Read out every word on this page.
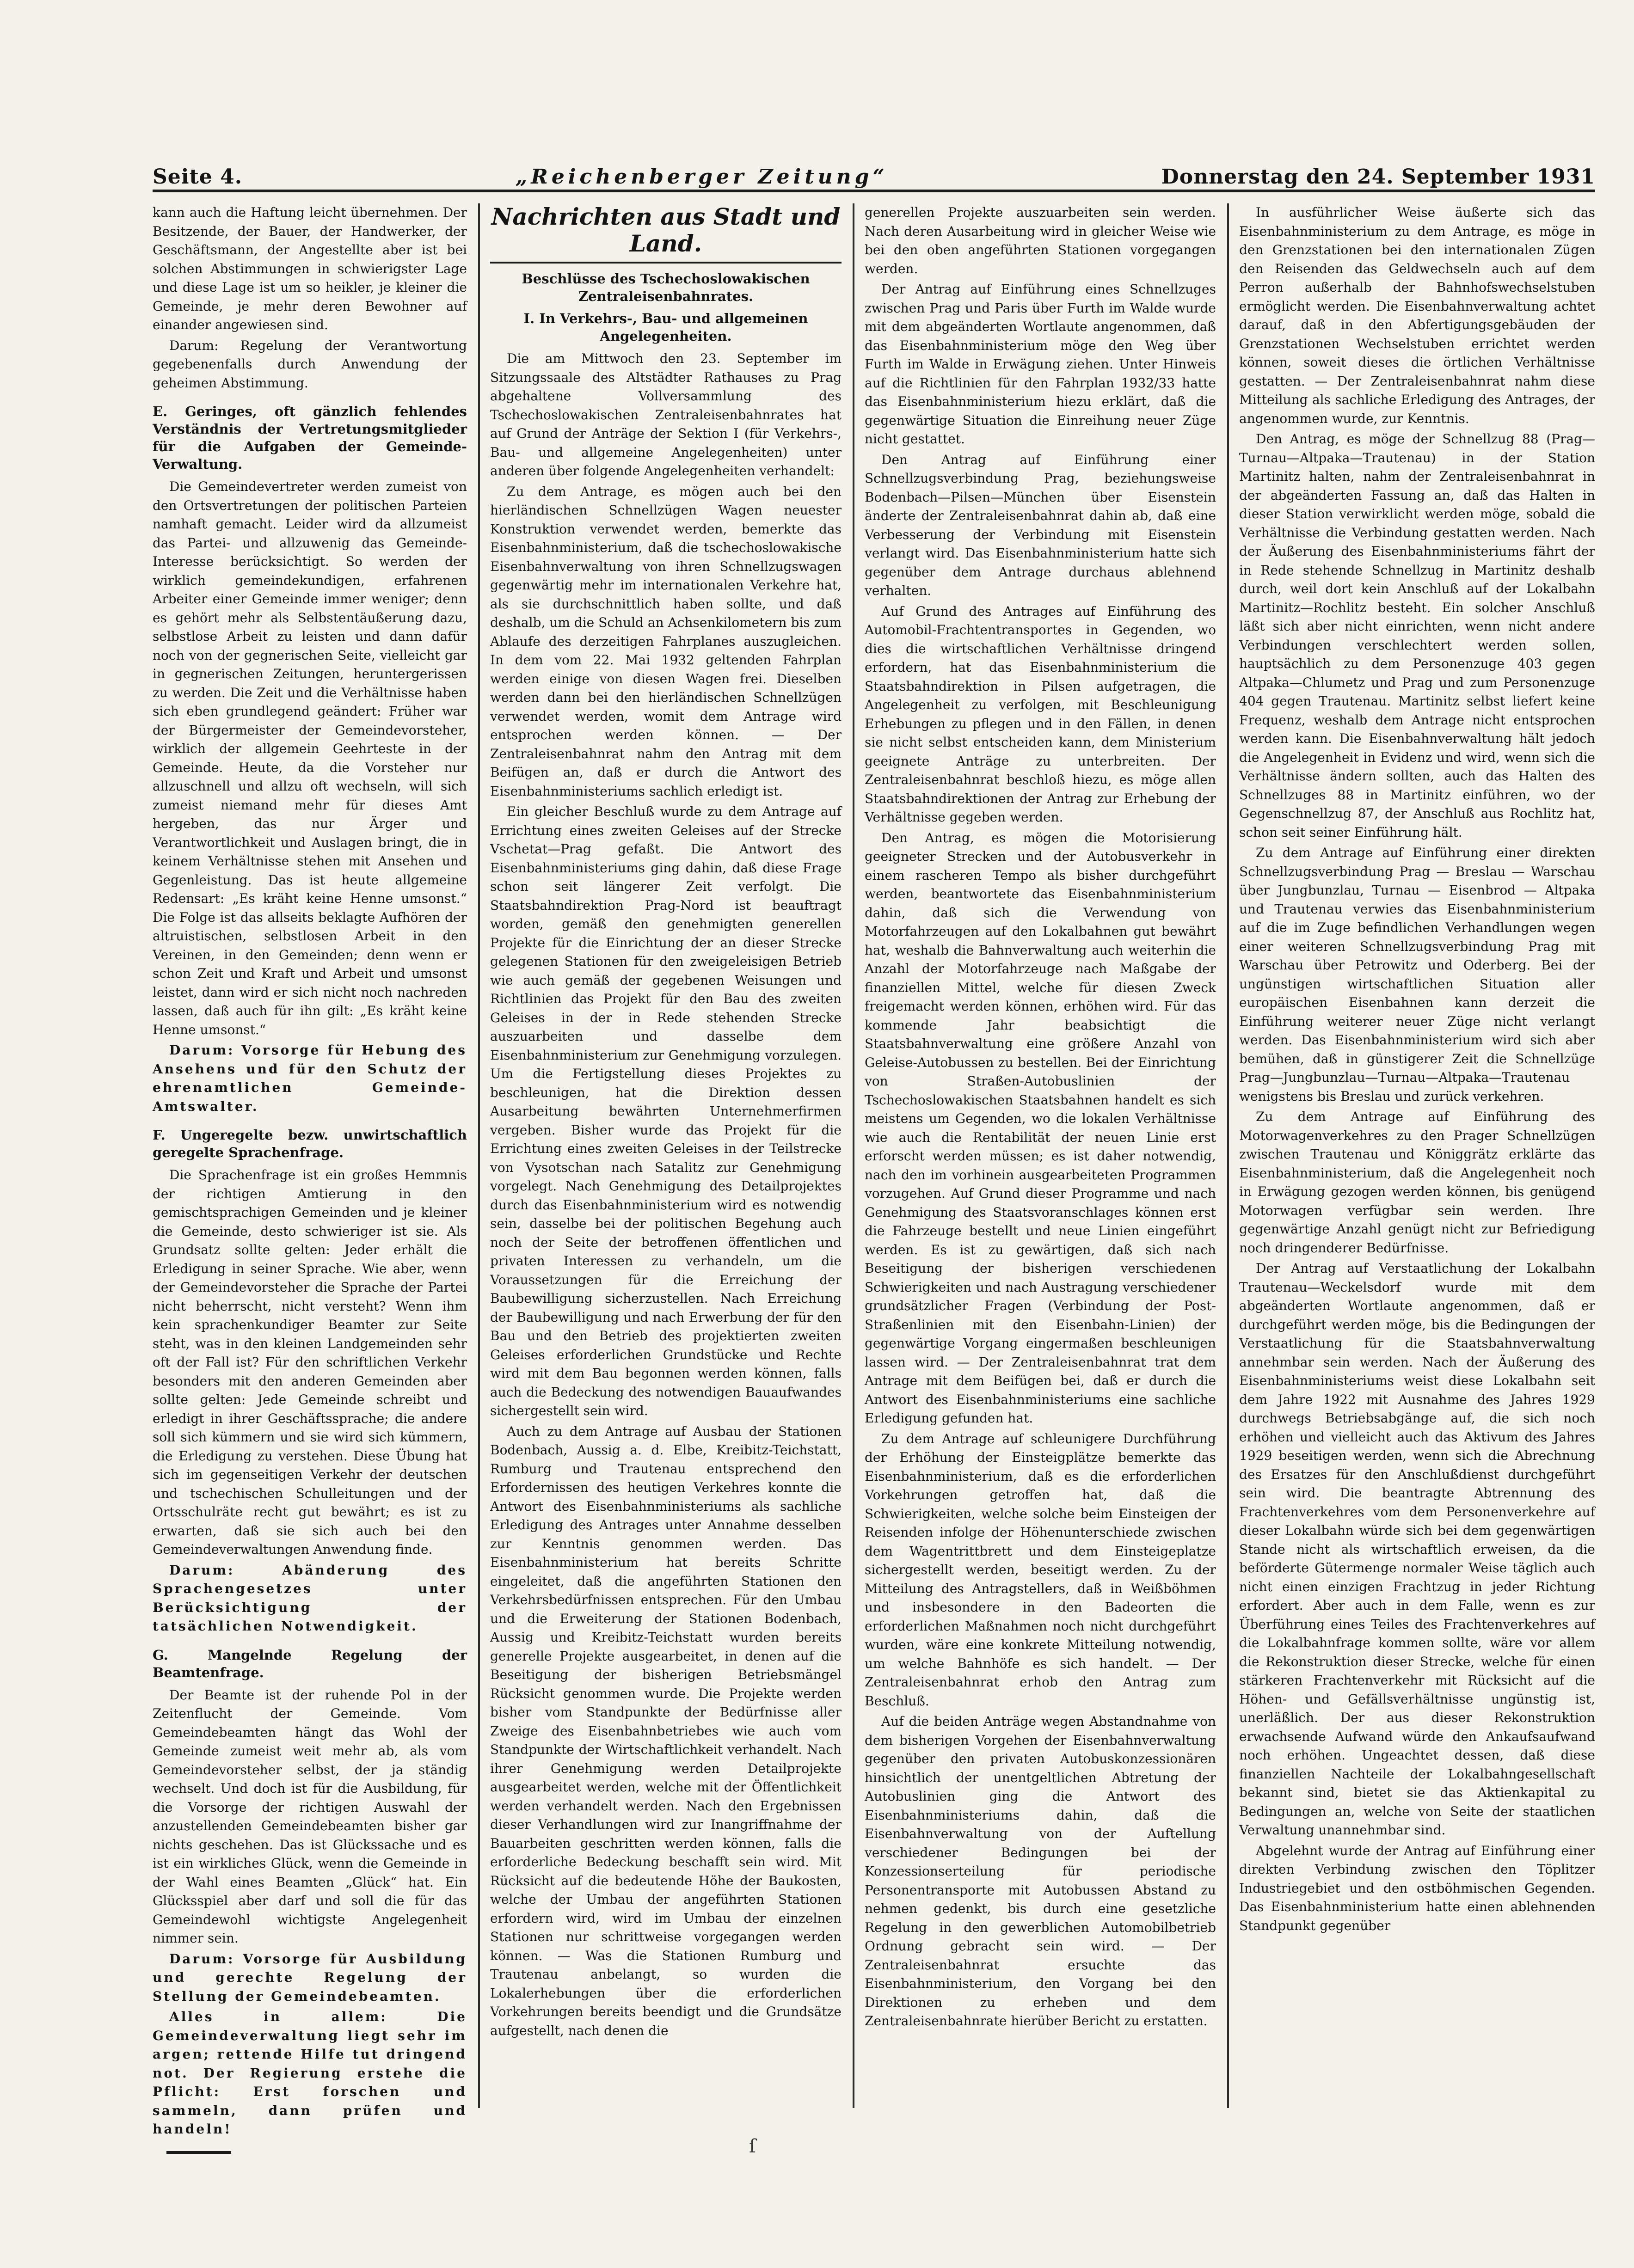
Seite 4.	„Reichenberger Zeitung“	Donnerstag den 24. September 1931

kann auch die Haftung leicht übernehmen. Der Besitzende, der Bauer, der Handwerker, der Geschäftsmann, der Angestellte aber ist bei solchen Abstimmungen in schwierigster Lage und diese Lage ist um so heikler, je kleiner die Gemeinde, je mehr deren Bewohner auf einander angewiesen sind.

Darum: Regelung der Verantwortung gegebenenfalls durch Anwendung der geheimen Abstimmung.

E. Geringes, oft gänzlich fehlendes Verständnis der Vertretungsmitglieder für die Aufgaben der Gemeinde-Verwaltung.

Die Gemeindevertreter werden zumeist von den Ortsvertretungen der politischen Parteien namhaft gemacht. Leider wird da allzumeist das Partei- und allzuwenig das Gemeinde-Interesse berücksichtigt. So werden der wirklich gemeindekundigen, erfahrenen Arbeiter einer Gemeinde immer weniger; denn es gehört mehr als Selbstentäußerung dazu, selbstlose Arbeit zu leisten und dann dafür noch von der gegnerischen Seite, vielleicht gar in gegnerischen Zeitungen, heruntergerissen zu werden. Die Zeit und die Verhältnisse haben sich eben grundlegend geändert: Früher war der Bürgermeister der Gemeindevorsteher, wirklich der allgemein Geehrteste in der Gemeinde. Heute, da die Vorsteher nur allzuschnell und allzu oft wechseln, will sich zumeist niemand mehr für dieses Amt hergeben, das nur Ärger und Verantwortlichkeit und Auslagen bringt, die in keinem Verhältnisse stehen mit Ansehen und Gegenleistung. Das ist heute allgemeine Redensart: „Es kräht keine Henne umsonst.“ Die Folge ist das allseits beklagte Aufhören der altruistischen, selbstlosen Arbeit in den Vereinen, in den Gemeinden; denn wenn er schon Zeit und Kraft und Arbeit und umsonst leistet, dann wird er sich nicht noch nachreden lassen, daß auch für ihn gilt: „Es kräht keine Henne umsonst.“

Darum: Vorsorge für Hebung des Ansehens und für den Schutz der ehrenamtlichen Gemeinde-Amtswalter.

F. Ungeregelte bezw. unwirtschaftlich geregelte Sprachenfrage.

Die Sprachenfrage ist ein großes Hemmnis der richtigen Amtierung in den gemischtsprachigen Gemeinden und je kleiner die Gemeinde, desto schwieriger ist sie. Als Grundsatz sollte gelten: Jeder erhält die Erledigung in seiner Sprache. Wie aber, wenn der Gemeindevorsteher die Sprache der Partei nicht beherrscht, nicht versteht? Wenn ihm kein sprachenkundiger Beamter zur Seite steht, was in den kleinen Landgemeinden sehr oft der Fall ist? Für den schriftlichen Verkehr besonders mit den anderen Gemeinden aber sollte gelten: Jede Gemeinde schreibt und erledigt in ihrer Geschäftssprache; die andere soll sich kümmern und sie wird sich kümmern, die Erledigung zu verstehen. Diese Übung hat sich im gegenseitigen Verkehr der deutschen und tschechischen Schulleitungen und der Ortsschulräte recht gut bewährt; es ist zu erwarten, daß sie sich auch bei den Gemeindeverwaltungen Anwendung finde.

Darum: Abänderung des Sprachengesetzes unter Berücksichtigung der tatsächlichen Notwendigkeit.

G. Mangelnde Regelung der Beamtenfrage.

Der Beamte ist der ruhende Pol in der Zeitenflucht der Gemeinde. Vom Gemeindebeamten hängt das Wohl der Gemeinde zumeist weit mehr ab, als vom Gemeindevorsteher selbst, der ja ständig wechselt. Und doch ist für die Ausbildung, für die Vorsorge der richtigen Auswahl der anzustellenden Gemeindebeamten bisher gar nichts geschehen. Das ist Glückssache und es ist ein wirkliches Glück, wenn die Gemeinde in der Wahl eines Beamten „Glück“ hat. Ein Glücksspiel aber darf und soll die für das Gemeindewohl wichtigste Angelegenheit nimmer sein.

Darum: Vorsorge für Ausbildung und gerechte Regelung der Stellung der Gemeindebeamten.

Alles in allem: Die Gemeindeverwaltung liegt sehr im argen; rettende Hilfe tut dringend not. Der Regierung erstehe die Pflicht: Erst forschen und sammeln, dann prüfen und handeln!

Nachrichten aus Stadt und Land.
Beschlüsse des Tschechoslowakischen Zentraleisenbahnrates.
I. In Verkehrs-, Bau- und allgemeinen Angelegenheiten.

Die am Mittwoch den 23. September im Sitzungssaale des Altstädter Rathauses zu Prag abgehaltene Vollversammlung des Tschechoslowakischen Zentraleisenbahnrates hat auf Grund der Anträge der Sektion I (für Verkehrs-, Bau- und allgemeine Angelegenheiten) unter anderen über folgende Angelegenheiten verhandelt:

Zu dem Antrage, es mögen auch bei den hierländischen Schnellzügen Wagen neuester Konstruktion verwendet werden, bemerkte das Eisenbahnministerium, daß die tschechoslowakische Eisenbahnverwaltung von ihren Schnellzugswagen gegenwärtig mehr im internationalen Verkehre hat, als sie durchschnittlich haben sollte, und daß deshalb, um die Schuld an Achsenkilometern bis zum Ablaufe des derzeitigen Fahrplanes auszugleichen. In dem vom 22. Mai 1932 geltenden Fahrplan werden einige von diesen Wagen frei. Dieselben werden dann bei den hierländischen Schnellzügen verwendet werden, womit dem Antrage wird entsprochen werden können. — Der Zentraleisenbahnrat nahm den Antrag mit dem Beifügen an, daß er durch die Antwort des Eisenbahnministeriums sachlich erledigt ist.

Ein gleicher Beschluß wurde zu dem Antrage auf Errichtung eines zweiten Geleises auf der Strecke Vschetat—Prag gefaßt. Die Antwort des Eisenbahnministeriums ging dahin, daß diese Frage schon seit längerer Zeit verfolgt. Die Staatsbahndirektion Prag-Nord ist beauftragt worden, gemäß den genehmigten generellen Projekte für die Einrichtung der an dieser Strecke gelegenen Stationen für den zweigeleisigen Betrieb wie auch gemäß der gegebenen Weisungen und Richtlinien das Projekt für den Bau des zweiten Geleises in der in Rede stehenden Strecke auszuarbeiten und dasselbe dem Eisenbahnministerium zur Genehmigung vorzulegen. Um die Fertigstellung dieses Projektes zu beschleunigen, hat die Direktion dessen Ausarbeitung bewährten Unternehmerfirmen vergeben. Bisher wurde das Projekt für die Errichtung eines zweiten Geleises in der Teilstrecke von Vysotschan nach Satalitz zur Genehmigung vorgelegt. Nach Genehmigung des Detailprojektes durch das Eisenbahnministerium wird es notwendig sein, dasselbe bei der politischen Begehung auch noch der Seite der betroffenen öffentlichen und privaten Interessen zu verhandeln, um die Voraussetzungen für die Erreichung der Baubewilligung sicherzustellen. Nach Erreichung der Baubewilligung und nach Erwerbung der für den Bau und den Betrieb des projektierten zweiten Geleises erforderlichen Grundstücke und Rechte wird mit dem Bau begonnen werden können, falls auch die Bedeckung des notwendigen Bauaufwandes sichergestellt sein wird.

Auch zu dem Antrage auf Ausbau der Stationen Bodenbach, Aussig a. d. Elbe, Kreibitz-Teichstatt, Rumburg und Trautenau entsprechend den Erfordernissen des heutigen Verkehres konnte die Antwort des Eisenbahnministeriums als sachliche Erledigung des Antrages unter Annahme desselben zur Kenntnis genommen werden. Das Eisenbahnministerium hat bereits Schritte eingeleitet, daß die angeführten Stationen den Verkehrsbedürfnissen entsprechen. Für den Umbau und die Erweiterung der Stationen Bodenbach, Aussig und Kreibitz-Teichstatt wurden bereits generelle Projekte ausgearbeitet, in denen auf die Beseitigung der bisherigen Betriebsmängel Rücksicht genommen wurde. Die Projekte werden bisher vom Standpunkte der Bedürfnisse aller Zweige des Eisenbahnbetriebes wie auch vom Standpunkte der Wirtschaftlichkeit verhandelt. Nach ihrer Genehmigung werden Detailprojekte ausgearbeitet werden, welche mit der Öffentlichkeit werden verhandelt werden. Nach den Ergebnissen dieser Verhandlungen wird zur Inangriffnahme der Bauarbeiten geschritten werden können, falls die erforderliche Bedeckung beschafft sein wird. Mit Rücksicht auf die bedeutende Höhe der Baukosten, welche der Umbau der angeführten Stationen erfordern wird, wird im Umbau der einzelnen Stationen nur schrittweise vorgegangen werden können. — Was die Stationen Rumburg und Trautenau anbelangt, so wurden die Lokalerhebungen über die erforderlichen Vorkehrungen bereits beendigt und die Grundsätze aufgestellt, nach denen die

generellen Projekte auszuarbeiten sein werden. Nach deren Ausarbeitung wird in gleicher Weise wie bei den oben angeführten Stationen vorgegangen werden.

Der Antrag auf Einführung eines Schnellzuges zwischen Prag und Paris über Furth im Walde wurde mit dem abgeänderten Wortlaute angenommen, daß das Eisenbahnministerium möge den Weg über Furth im Walde in Erwägung ziehen. Unter Hinweis auf die Richtlinien für den Fahrplan 1932/33 hatte das Eisenbahnministerium hiezu erklärt, daß die gegenwärtige Situation die Einreihung neuer Züge nicht gestattet.

Den Antrag auf Einführung einer Schnellzugsverbindung Prag, beziehungsweise Bodenbach—Pilsen—München über Eisenstein änderte der Zentraleisenbahnrat dahin ab, daß eine Verbesserung der Verbindung mit Eisenstein verlangt wird. Das Eisenbahnministerium hatte sich gegenüber dem Antrage durchaus ablehnend verhalten.

Auf Grund des Antrages auf Einführung des Automobil-Frachtentransportes in Gegenden, wo dies die wirtschaftlichen Verhältnisse dringend erfordern, hat das Eisenbahnministerium die Staatsbahndirektion in Pilsen aufgetragen, die Angelegenheit zu verfolgen, mit Beschleunigung Erhebungen zu pflegen und in den Fällen, in denen sie nicht selbst entscheiden kann, dem Ministerium geeignete Anträge zu unterbreiten. Der Zentraleisenbahnrat beschloß hiezu, es möge allen Staatsbahndirektionen der Antrag zur Erhebung der Verhältnisse gegeben werden.

Den Antrag, es mögen die Motorisierung geeigneter Strecken und der Autobusverkehr in einem rascheren Tempo als bisher durchgeführt werden, beantwortete das Eisenbahnministerium dahin, daß sich die Verwendung von Motorfahrzeugen auf den Lokalbahnen gut bewährt hat, weshalb die Bahnverwaltung auch weiterhin die Anzahl der Motorfahrzeuge nach Maßgabe der finanziellen Mittel, welche für diesen Zweck freigemacht werden können, erhöhen wird. Für das kommende Jahr beabsichtigt die Staatsbahnverwaltung eine größere Anzahl von Geleise-Autobussen zu bestellen. Bei der Einrichtung von Straßen-Autobuslinien der Tschechoslowakischen Staatsbahnen handelt es sich meistens um Gegenden, wo die lokalen Verhältnisse wie auch die Rentabilität der neuen Linie erst erforscht werden müssen; es ist daher notwendig, nach den im vorhinein ausgearbeiteten Programmen vorzugehen. Auf Grund dieser Programme und nach Genehmigung des Staatsvoranschlages können erst die Fahrzeuge bestellt und neue Linien eingeführt werden. Es ist zu gewärtigen, daß sich nach Beseitigung der bisherigen verschiedenen Schwierigkeiten und nach Austragung verschiedener grundsätzlicher Fragen (Verbindung der Post-Straßenlinien mit den Eisenbahn-Linien) der gegenwärtige Vorgang eingermaßen beschleunigen lassen wird. — Der Zentraleisenbahnrat trat dem Antrage mit dem Beifügen bei, daß er durch die Antwort des Eisenbahnministeriums eine sachliche Erledigung gefunden hat.

Zu dem Antrage auf schleunigere Durchführung der Erhöhung der Einsteigplätze bemerkte das Eisenbahnministerium, daß es die erforderlichen Vorkehrungen getroffen hat, daß die Schwierigkeiten, welche solche beim Einsteigen der Reisenden infolge der Höhenunterschiede zwischen dem Wagentrittbrett und dem Einsteigeplatze sichergestellt werden, beseitigt werden. Zu der Mitteilung des Antragstellers, daß in Weißböhmen und insbesondere in den Badeorten die erforderlichen Maßnahmen noch nicht durchgeführt wurden, wäre eine konkrete Mitteilung notwendig, um welche Bahnhöfe es sich handelt. — Der Zentraleisenbahnrat erhob den Antrag zum Beschluß.

Auf die beiden Anträge wegen Abstandnahme von dem bisherigen Vorgehen der Eisenbahnverwaltung gegenüber den privaten Autobuskonzessionären hinsichtlich der unentgeltlichen Abtretung der Autobuslinien ging die Antwort des Eisenbahnministeriums dahin, daß die Eisenbahnverwaltung von der Auftellung verschiedener Bedingungen bei der Konzessionserteilung für periodische Personentransporte mit Autobussen Abstand zu nehmen gedenkt, bis durch eine gesetzliche Regelung in den gewerblichen Automobilbetrieb Ordnung gebracht sein wird. — Der Zentraleisenbahnrat ersuchte das Eisenbahnministerium, den Vorgang bei den Direktionen zu erheben und dem Zentraleisenbahnrate hierüber Bericht zu erstatten.

In ausführlicher Weise äußerte sich das Eisenbahnministerium zu dem Antrage, es möge in den Grenzstationen bei den internationalen Zügen den Reisenden das Geldwechseln auch auf dem Perron außerhalb der Bahnhofswechselstuben ermöglicht werden. Die Eisenbahnverwaltung achtet darauf, daß in den Abfertigungsgebäuden der Grenzstationen Wechselstuben errichtet werden können, soweit dieses die örtlichen Verhältnisse gestatten. — Der Zentraleisenbahnrat nahm diese Mitteilung als sachliche Erledigung des Antrages, der angenommen wurde, zur Kenntnis.

Den Antrag, es möge der Schnellzug 88 (Prag—Turnau—Altpaka—Trautenau) in der Station Martinitz halten, nahm der Zentraleisenbahnrat in der abgeänderten Fassung an, daß das Halten in dieser Station verwirklicht werden möge, sobald die Verhältnisse die Verbindung gestatten werden. Nach der Äußerung des Eisenbahnministeriums fährt der in Rede stehende Schnellzug in Martinitz deshalb durch, weil dort kein Anschluß auf der Lokalbahn Martinitz—Rochlitz besteht. Ein solcher Anschluß läßt sich aber nicht einrichten, wenn nicht andere Verbindungen verschlechtert werden sollen, hauptsächlich zu dem Personenzuge 403 gegen Altpaka—Chlumetz und Prag und zum Personenzuge 404 gegen Trautenau. Martinitz selbst liefert keine Frequenz, weshalb dem Antrage nicht entsprochen werden kann. Die Eisenbahnverwaltung hält jedoch die Angelegenheit in Evidenz und wird, wenn sich die Verhältnisse ändern sollten, auch das Halten des Schnellzuges 88 in Martinitz einführen, wo der Gegenschnellzug 87, der Anschluß aus Rochlitz hat, schon seit seiner Einführung hält.

Zu dem Antrage auf Einführung einer direkten Schnellzugsverbindung Prag — Breslau — Warschau über Jungbunzlau, Turnau — Eisenbrod — Altpaka und Trautenau verwies das Eisenbahnministerium auf die im Zuge befindlichen Verhandlungen wegen einer weiteren Schnellzugsverbindung Prag mit Warschau über Petrowitz und Oderberg. Bei der ungünstigen wirtschaftlichen Situation aller europäischen Eisenbahnen kann derzeit die Einführung weiterer neuer Züge nicht verlangt werden. Das Eisenbahnministerium wird sich aber bemühen, daß in günstigerer Zeit die Schnellzüge Prag—Jungbunzlau—Turnau—Altpaka—Trautenau wenigstens bis Breslau und zurück verkehren.

Zu dem Antrage auf Einführung des Motorwagenverkehres zu den Prager Schnellzügen zwischen Trautenau und Königgrätz erklärte das Eisenbahnministerium, daß die Angelegenheit noch in Erwägung gezogen werden können, bis genügend Motorwagen verfügbar sein werden. Ihre gegenwärtige Anzahl genügt nicht zur Befriedigung noch dringenderer Bedürfnisse.

Der Antrag auf Verstaatlichung der Lokalbahn Trautenau—Weckelsdorf wurde mit dem abgeänderten Wortlaute angenommen, daß er durchgeführt werden möge, bis die Bedingungen der Verstaatlichung für die Staatsbahnverwaltung annehmbar sein werden. Nach der Äußerung des Eisenbahnministeriums weist diese Lokalbahn seit dem Jahre 1922 mit Ausnahme des Jahres 1929 durchwegs Betriebsabgänge auf, die sich noch erhöhen und vielleicht auch das Aktivum des Jahres 1929 beseitigen werden, wenn sich die Abrechnung des Ersatzes für den Anschlußdienst durchgeführt sein wird. Die beantragte Abtrennung des Frachtenverkehres vom dem Personenverkehre auf dieser Lokalbahn würde sich bei dem gegenwärtigen Stande nicht als wirtschaftlich erweisen, da die beförderte Gütermenge normaler Weise täglich auch nicht einen einzigen Frachtzug in jeder Richtung erfordert. Aber auch in dem Falle, wenn es zur Überführung eines Teiles des Frachtenverkehres auf die Lokalbahnfrage kommen sollte, wäre vor allem die Rekonstruktion dieser Strecke, welche für einen stärkeren Frachtenverkehr mit Rücksicht auf die Höhen- und Gefällsverhältnisse ungünstig ist, unerläßlich. Der aus dieser Rekonstruktion erwachsende Aufwand würde den Ankaufsaufwand noch erhöhen. Ungeachtet dessen, daß diese finanziellen Nachteile der Lokalbahngesellschaft bekannt sind, bietet sie das Aktienkapital zu Bedingungen an, welche von Seite der staatlichen Verwaltung unannehmbar sind.

Abgelehnt wurde der Antrag auf Einführung einer direkten Verbindung zwischen den Töplitzer Industriegebiet und den ostböhmischen Gegenden. Das Eisenbahnministerium hatte einen ablehnenden Standpunkt gegenüber

ſ
